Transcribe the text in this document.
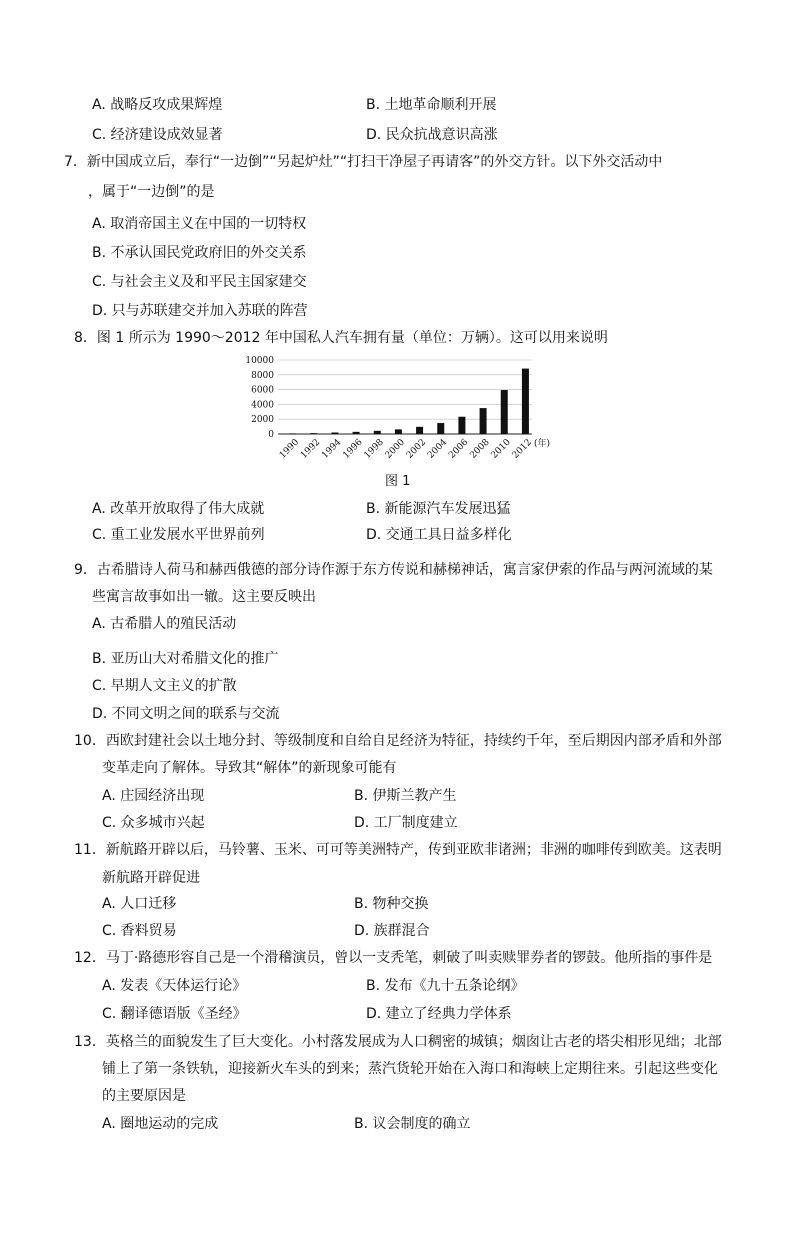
A. 战略反攻成果辉煌	B. 土地革命顺利开展
C. 经济建设成效显著	D. 民众抗战意识高涨
7．新中国成立后，奉行“一边倒”“另起炉灶”“打扫干净屋子再请客”的外交方针。以下外交活动中
，属于“一边倒”的是
A. 取消帝国主义在中国的一切特权
B. 不承认国民党政府旧的外交关系
C. 与社会主义及和平民主国家建交
D. 只与苏联建交并加入苏联的阵营
8．图 1 所示为 1990～2012 年中国私人汽车拥有量（单位：万辆）。这可以用来说明
0
2000
4000
6000
8000
10000
1990
1992
1994
1996
1998
2000
2002
2004
2006
2008
2010
2012 (年)
图 1
A. 改革开放取得了伟大成就	B. 新能源汽车发展迅猛
C. 重工业发展水平世界前列	D. 交通工具日益多样化
9．古希腊诗人荷马和赫西俄德的部分诗作源于东方传说和赫梯神话，寓言家伊索的作品与两河流域的某
些寓言故事如出一辙。这主要反映出
A. 古希腊人的殖民活动
B. 亚历山大对希腊文化的推广
C. 早期人文主义的扩散
D. 不同文明之间的联系与交流
10．西欧封建社会以土地分封、等级制度和自给自足经济为特征，持续约千年，至后期因内部矛盾和外部
变革走向了解体。导致其“解体”的新现象可能有
A. 庄园经济出现	B. 伊斯兰教产生
C. 众多城市兴起	D. 工厂制度建立
11．新航路开辟以后，马铃薯、玉米、可可等美洲特产，传到亚欧非诸洲；非洲的咖啡传到欧美。这表明
新航路开辟促进
A. 人口迁移	B. 物种交换
C. 香料贸易	D. 族群混合
12．马丁·路德形容自己是一个滑稽演员，曾以一支秃笔，刺破了叫卖赎罪券者的锣鼓。他所指的事件是
A. 发表《天体运行论》	B. 发布《九十五条论纲》
C. 翻译德语版《圣经》	D. 建立了经典力学体系
13．英格兰的面貌发生了巨大变化。小村落发展成为人口稠密的城镇；烟囱让古老的塔尖相形见绌；北部
铺上了第一条铁轨，迎接新火车头的到来；蒸汽货轮开始在入海口和海峡上定期往来。引起这些变化
的主要原因是
A. 圈地运动的完成	B. 议会制度的确立
